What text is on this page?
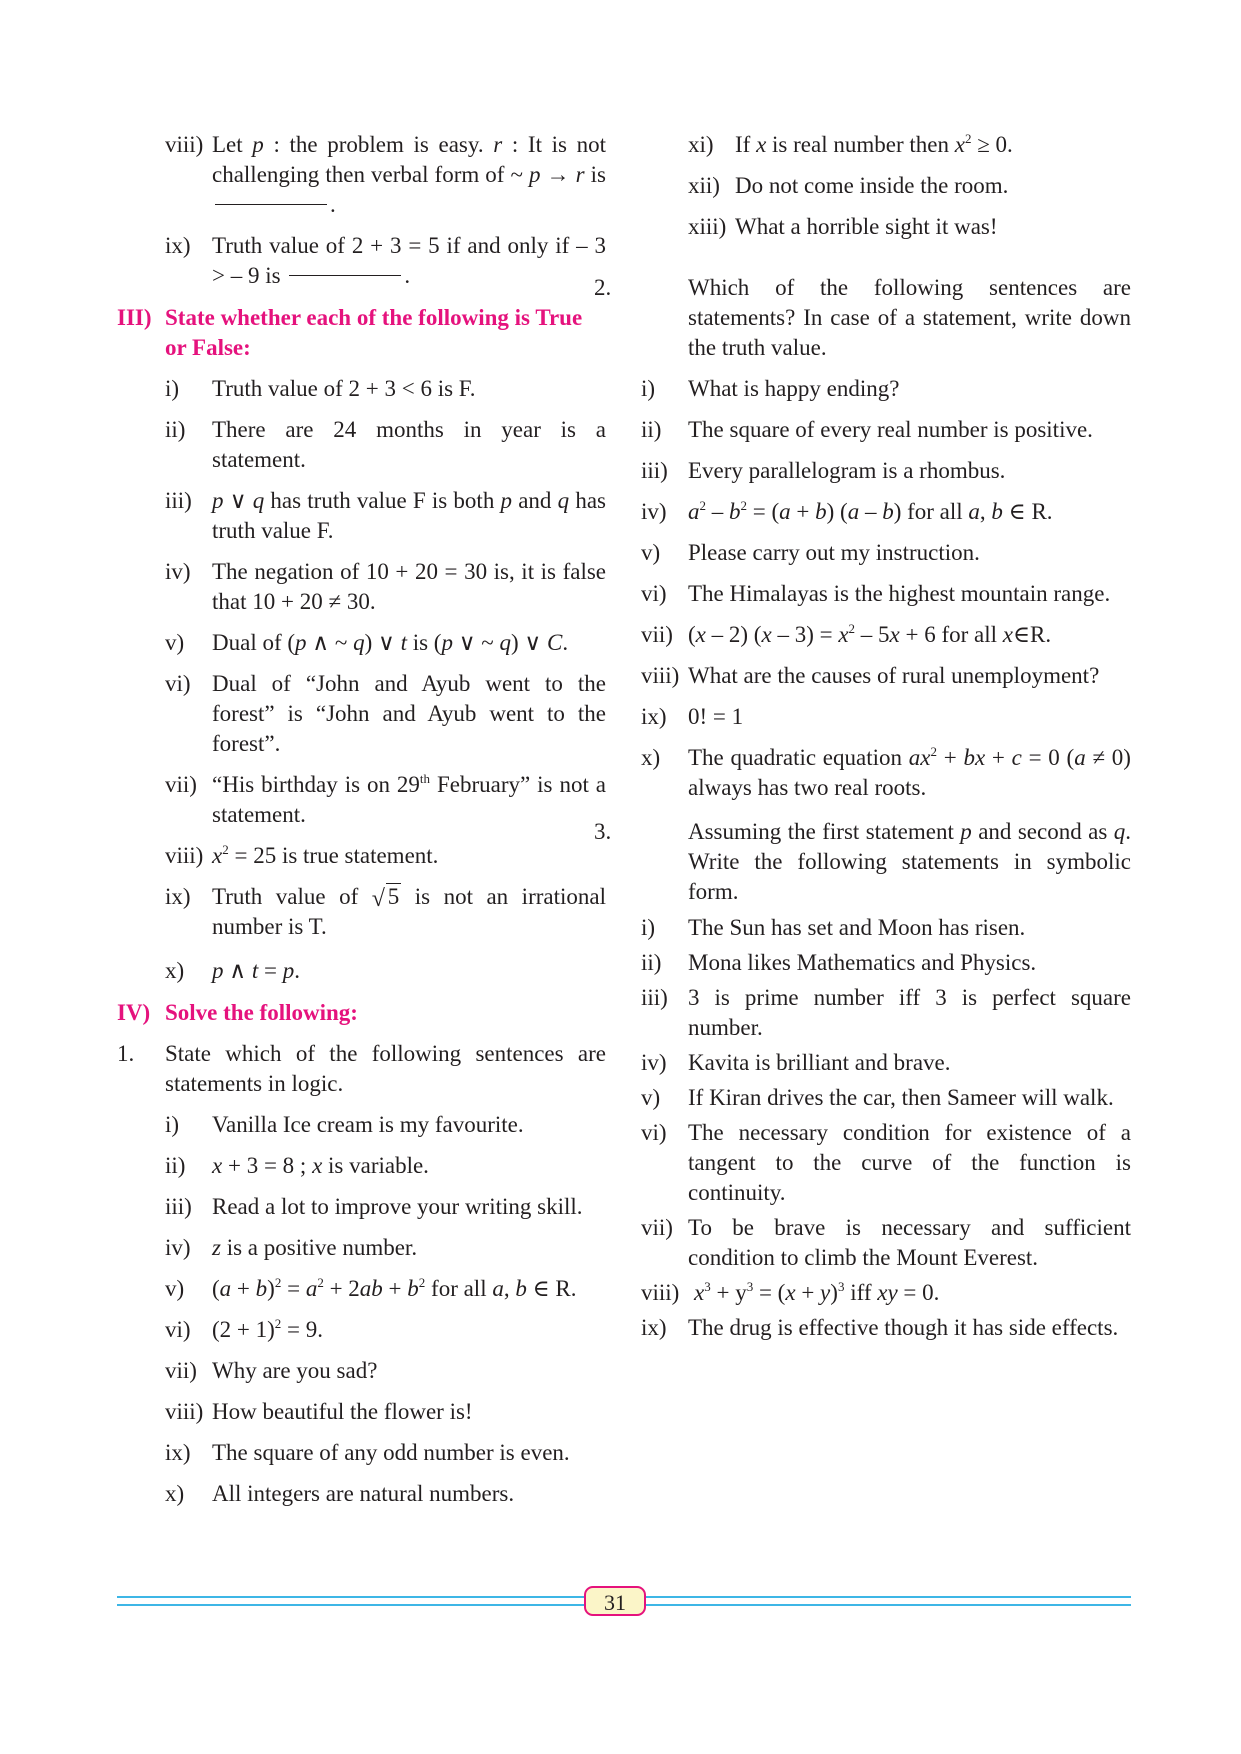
viii) Let p : the problem is easy. r : It is not challenging then verbal form of ~ p → r is .
ix) Truth value of 2 + 3 = 5 if and only if – 3 > – 9 is	.
III) State whether each of the following is True or False:
i)	Truth value of 2 + 3 < 6 is F.
ii)	There are 24 months in year is a statement.
iii) p ∨ q has truth value F is both p and q has truth value F.
iv) The negation of 10 + 20 = 30 is, it is false that 10 + 20 ≠ 30.
v)	Dual of (p ∧ ~ q) ∨ t is (p ∨ ~ q) ∨ C.
vi) Dual of “John and Ayub went to the forest” is “John and Ayub went to the forest”.
vii) “His birthday is on 29th February” is not a statement.
viii) $x^2 = 25$ is true statement.
ix) Truth value of √ 5 is not an irrational number is T.
x)	p ∧ t = p.
IV) Solve the following:
1.	State which of the following sentences are statements in logic.
i)	Vanilla Ice cream is my favourite.
ii)	x + 3 = 8 ; x is variable.
iii) Read a lot to improve your writing skill.
iv) z is a positive number.
v)	$(a + b)^2 = a^2 + 2ab + b^2$ for all a, b ∈ R.
vi) $(2 + 1)^2 = 9$.
vii) Why are you sad?
viii) How beautiful the flower is!
ix) The square of any odd number is even.
x)	All integers are natural numbers.
xi) If x is real number then $x^2 \ge 0$.
xii) Do not come inside the room.
xiii) What a horrible sight it was!
2.	Which of the following sentences are statements? In case of a statement, write down the truth value.
i)	What is happy ending?
ii)	The square of every real number is positive.
iii) Every parallelogram is a rhombus.
iv) $a^2 - b^2 = (a + b)$ (a – b) for all a, b ∈ R.
v)	Please carry out my instruction.
vi) The Himalayas is the highest mountain range.
vii) (x – 2) $(x - 3) = x^2 - 5x + 6$ for all x∈R.
viii) What are the causes of rural unemployment?
ix) 0! = 1
x)	The quadratic equation $ax^2$ + bx + c = 0 (a ≠ 0) always has two real roots.
3.	Assuming the first statement p and second as q. Write the following statements in symbolic form.
i)	The Sun has set and Moon has risen.
ii)	Mona likes Mathematics and Physics.
iii) 3 is prime number iff 3 is perfect square number.
iv) Kavita is brilliant and brave.
v)	If Kiran drives the car, then Sameer will walk.
vi) The necessary condition for existence of a tangent to the curve of the function is continuity.
vii) To be brave is necessary and sufficient condition to climb the Mount Everest.
viii) $x^3 + y^3 = (x + y)^3$ iff xy = 0.
ix) The drug is effective though it has side effects.
31
